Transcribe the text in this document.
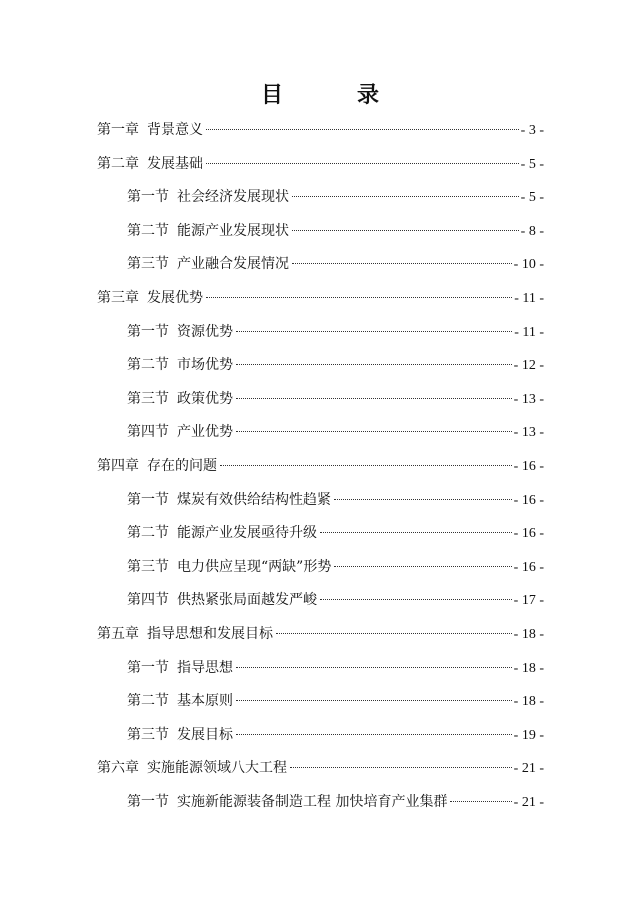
目　录
第一章 背景意义	- 3 -
第二章 发展基础	- 5 -
第一节 社会经济发展现状	- 5 -
第二节 能源产业发展现状	- 8 -
第三节 产业融合发展情况	- 10 -
第三章 发展优势	- 11 -
第一节 资源优势	- 11 -
第二节 市场优势	- 12 -
第三节 政策优势	- 13 -
第四节 产业优势	- 13 -
第四章 存在的问题	- 16 -
第一节 煤炭有效供给结构性趋紧	- 16 -
第二节 能源产业发展亟待升级	- 16 -
第三节 电力供应呈现“两缺”形势	- 16 -
第四节 供热紧张局面越发严峻	- 17 -
第五章 指导思想和发展目标	- 18 -
第一节 指导思想	- 18 -
第二节 基本原则	- 18 -
第三节 发展目标	- 19 -
第六章 实施能源领域八大工程	- 21 -
第一节 实施新能源装备制造工程 加快培育产业集群	- 21 -
